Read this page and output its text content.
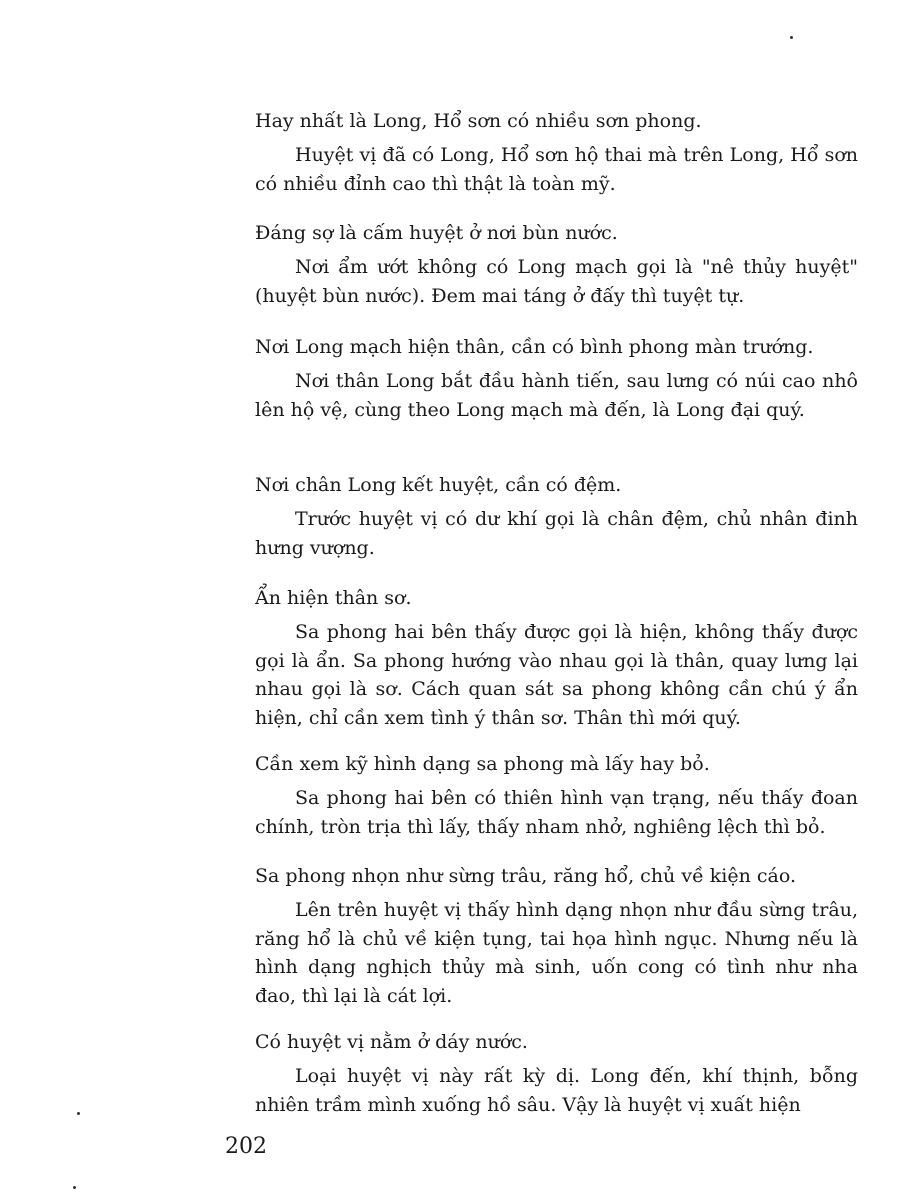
Hay nhất là Long, Hổ sơn có nhiều sơn phong.

Huyệt vị đã có Long, Hổ sơn hộ thai mà trên Long, Hổ sơn có nhiều đỉnh cao thì thật là toàn mỹ.

Đáng sợ là cấm huyệt ở nơi bùn nước.

Nơi ẩm ướt không có Long mạch gọi là "nê thủy huyệt" (huyệt bùn nước). Đem mai táng ở đấy thì tuyệt tự.

Nơi Long mạch hiện thân, cần có bình phong màn trướng.

Nơi thân Long bắt đầu hành tiến, sau lưng có núi cao nhô lên hộ vệ, cùng theo Long mạch mà đến, là Long đại quý.

Nơi chân Long kết huyệt, cần có đệm.

Trước huyệt vị có dư khí gọi là chân đệm, chủ nhân đinh hưng vượng.

Ẩn hiện thân sơ.

Sa phong hai bên thấy được gọi là hiện, không thấy được gọi là ẩn. Sa phong hướng vào nhau gọi là thân, quay lưng lại nhau gọi là sơ. Cách quan sát sa phong không cần chú ý ẩn hiện, chỉ cần xem tình ý thân sơ. Thân thì mới quý.

Cần xem kỹ hình dạng sa phong mà lấy hay bỏ.

Sa phong hai bên có thiên hình vạn trạng, nếu thấy đoan chính, tròn trịa thì lấy, thấy nham nhở, nghiêng lệch thì bỏ.

Sa phong nhọn như sừng trâu, răng hổ, chủ về kiện cáo.

Lên trên huyệt vị thấy hình dạng nhọn như đầu sừng trâu, răng hổ là chủ về kiện tụng, tai họa hình ngục. Nhưng nếu là hình dạng nghịch thủy mà sinh, uốn cong có tình như nha đao, thì lại là cát lợi.

Có huyệt vị nằm ở dáy nước.

Loại huyệt vị này rất kỳ dị. Long đến, khí thịnh, bỗng nhiên trầm mình xuống hồ sâu. Vậy là huyệt vị xuất hiện

202
